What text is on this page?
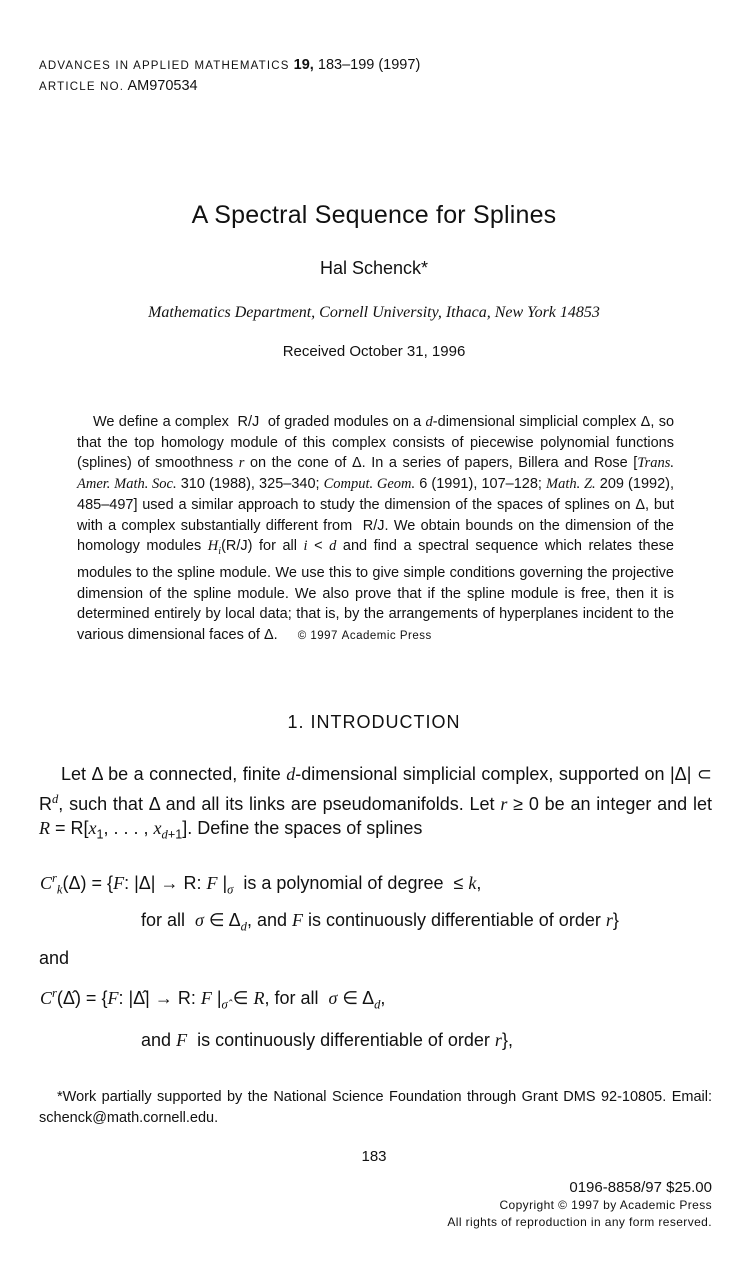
ADVANCES IN APPLIED MATHEMATICS 19, 183–199 (1997)
ARTICLE NO. AM970534
A Spectral Sequence for Splines
Hal Schenck*
Mathematics Department, Cornell University, Ithaca, New York 14853
Received October 31, 1996
We define a complex  R/J  of graded modules on a d-dimensional simplicial complex Δ, so that the top homology module of this complex consists of piecewise polynomial functions (splines) of smoothness r on the cone of Δ. In a series of papers, Billera and Rose [Trans. Amer. Math. Soc. 310 (1988), 325–340; Comput. Geom. 6 (1991), 107–128; Math. Z. 209 (1992), 485–497] used a similar approach to study the dimension of the spaces of splines on Δ, but with a complex substantially different from  R/J. We obtain bounds on the dimension of the homology modules $H_i(R/J)$ for all i < d and find a spectral sequence which relates these modules to the spline module. We use this to give simple conditions governing the projective dimension of the spline module. We also prove that if the spline module is free, then it is determined entirely by local data; that is, by the arrangements of hyperplanes incident to the various dimensional faces of Δ. © 1997 Academic Press
1. INTRODUCTION
Let Δ be a connected, finite d-dimensional simplicial complex, supported on |Δ| ⊂ $R^d$, such that Δ and all its links are pseudomanifolds. Let r ≥ 0 be an integer and let $R = R[x_1$, . . . , $x_{d+1}$]. Define the spaces of splines
$C^r_k(\Delta) = \{F$: |Δ| → R: F $|_\sigma$  is a polynomial of degree  ≤ k,
for all  σ ∈ $\Delta_d$, and F is continuously differentiable of order r}
and
$C^r(\Deltâ) = \{F$: |Δ̂| → R: F $|_{\sigmâ}$ ∈ R, for all  σ ∈ $\Delta_d$,
and F  is continuously differentiable of order r},
*Work partially supported by the National Science Foundation through Grant DMS 92-10805. Email: schenck@math.cornell.edu.
183
0196-8858/97 $25.00
Copyright © 1997 by Academic Press
All rights of reproduction in any form reserved.
